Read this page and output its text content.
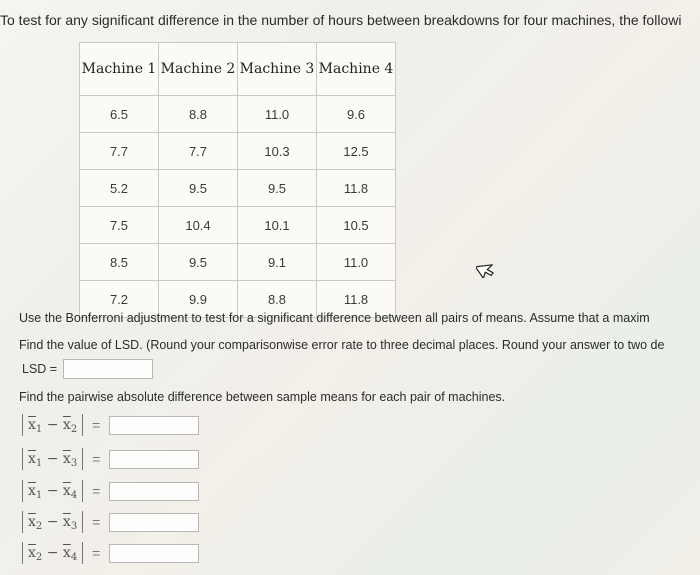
To test for any significant difference in the number of hours between breakdowns for four machines, the followi
Machine 1	Machine 2	Machine 3	Machine 4
6.5	8.8	11.0	9.6
7.7	7.7	10.3	12.5
5.2	9.5	9.5	11.8
7.5	10.4	10.1	10.5
8.5	9.5	9.1	11.0
7.2	9.9	8.8	11.8
Use the Bonferroni adjustment to test for a significant difference between all pairs of means. Assume that a maxim
Find the value of LSD. (Round your comparisonwise error rate to three decimal places. Round your answer to two de
LSD =
Find the pairwise absolute difference between sample means for each pair of machines.
$\overline{x}_1 - \overline{x}_2$	=
$\overline{x}_1 - \overline{x}_3$	=
$\overline{x}_1 - \overline{x}_4$	=
$\overline{x}_2 - \overline{x}_3$	=
$\overline{x}_2 - \overline{x}_4$	=
